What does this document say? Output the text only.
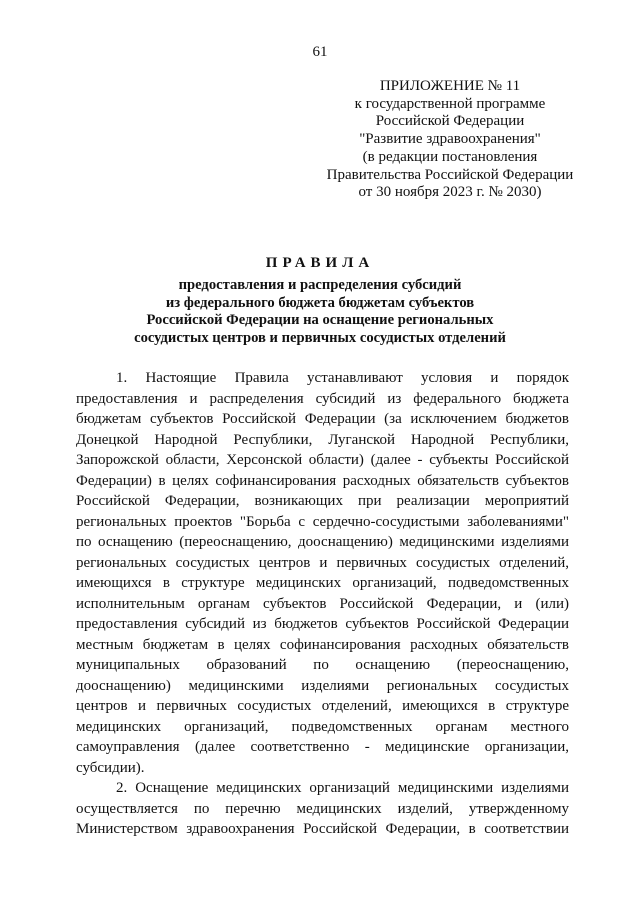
61
ПРИЛОЖЕНИЕ № 11
к государственной программе
Российской Федерации
"Развитие здравоохранения"
(в редакции постановления
Правительства Российской Федерации
от 30 ноября 2023 г. № 2030)
ПРАВИЛА
предоставления и распределения субсидий
из федерального бюджета бюджетам субъектов
Российской Федерации на оснащение региональных
сосудистых центров и первичных сосудистых отделений
1. Настоящие Правила устанавливают условия и порядок
предоставления и распределения субсидий из федерального бюджета
бюджетам субъектов Российской Федерации (за исключением бюджетов
Донецкой Народной Республики, Луганской Народной Республики,
Запорожской области, Херсонской области) (далее - субъекты Российской
Федерации) в целях софинансирования расходных обязательств субъектов
Российской Федерации, возникающих при реализации мероприятий
региональных проектов "Борьба с сердечно-сосудистыми заболеваниями"
по оснащению (переоснащению, дооснащению) медицинскими изделиями
региональных сосудистых центров и первичных сосудистых отделений,
имеющихся в структуре медицинских организаций, подведомственных
исполнительным органам субъектов Российской Федерации, и (или)
предоставления субсидий из бюджетов субъектов Российской Федерации
местным бюджетам в целях софинансирования расходных обязательств
муниципальных образований по оснащению (переоснащению,
дооснащению) медицинскими изделиями региональных сосудистых
центров и первичных сосудистых отделений, имеющихся в структуре
медицинских организаций, подведомственных органам местного
самоуправления (далее соответственно - медицинские организации,
субсидии).
2. Оснащение медицинских организаций медицинскими изделиями
осуществляется по перечню медицинских изделий, утвержденному
Министерством здравоохранения Российской Федерации, в соответствии
